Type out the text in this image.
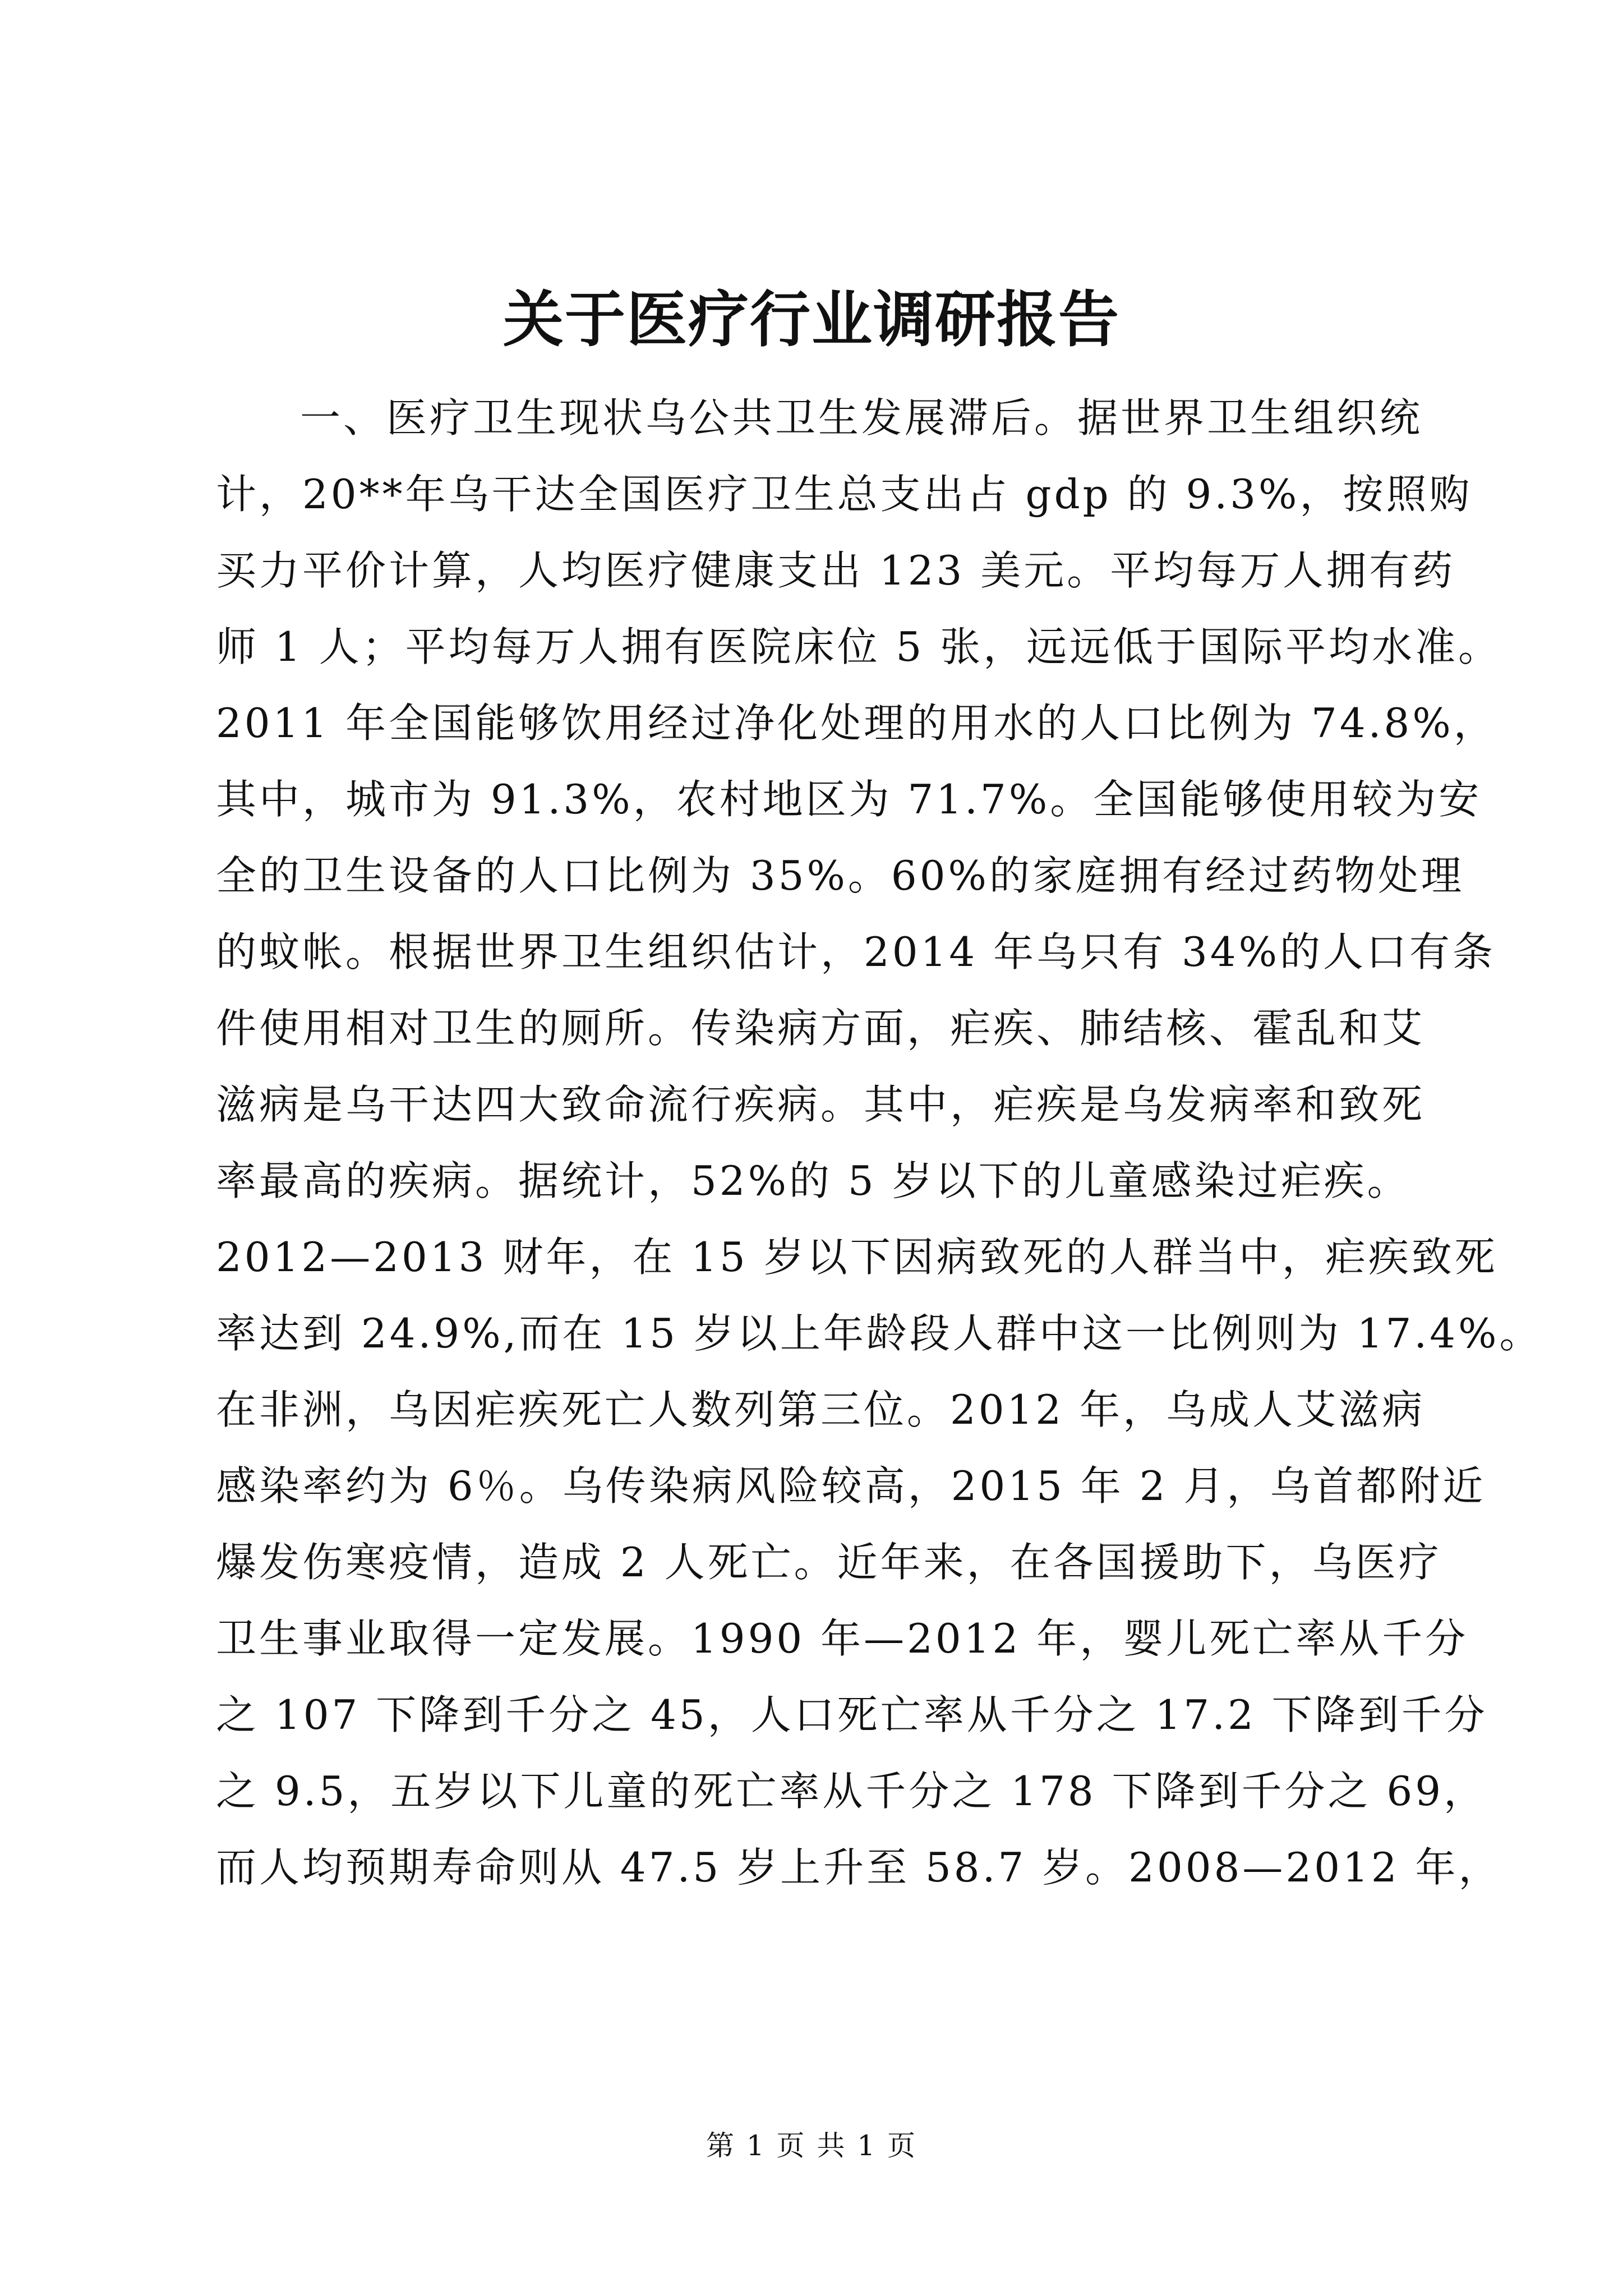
关于医疗行业调研报告
一、医疗卫生现状乌公共卫生发展滞后。据世界卫生组织统
计，20**年乌干达全国医疗卫生总支出占 gdp 的 9.3%，按照购
买力平价计算，人均医疗健康支出 123 美元。平均每万人拥有药
师 1 人；平均每万人拥有医院床位 5 张，远远低于国际平均水准。
2011 年全国能够饮用经过净化处理的用水的人口比例为 74.8%，
其中，城市为 91.3%，农村地区为 71.7%。全国能够使用较为安
全的卫生设备的人口比例为 35%。60%的家庭拥有经过药物处理
的蚊帐。根据世界卫生组织估计，2014 年乌只有 34%的人口有条
件使用相对卫生的厕所。传染病方面，疟疾、肺结核、霍乱和艾
滋病是乌干达四大致命流行疾病。其中，疟疾是乌发病率和致死
率最高的疾病。据统计，52%的 5 岁以下的儿童感染过疟疾。
2012—2013 财年，在 15 岁以下因病致死的人群当中，疟疾致死
率达到 24.9%,而在 15 岁以上年龄段人群中这一比例则为 17.4%。
在非洲，乌因疟疾死亡人数列第三位。2012 年，乌成人艾滋病
感染率约为 6％。乌传染病风险较高，2015 年 2 月，乌首都附近
爆发伤寒疫情，造成 2 人死亡。近年来，在各国援助下，乌医疗
卫生事业取得一定发展。1990 年—2012 年，婴儿死亡率从千分
之 107 下降到千分之 45，人口死亡率从千分之 17.2 下降到千分
之 9.5，五岁以下儿童的死亡率从千分之 178 下降到千分之 69，
而人均预期寿命则从 47.5 岁上升至 58.7 岁。2008—2012 年，
第 1 页 共 1 页
